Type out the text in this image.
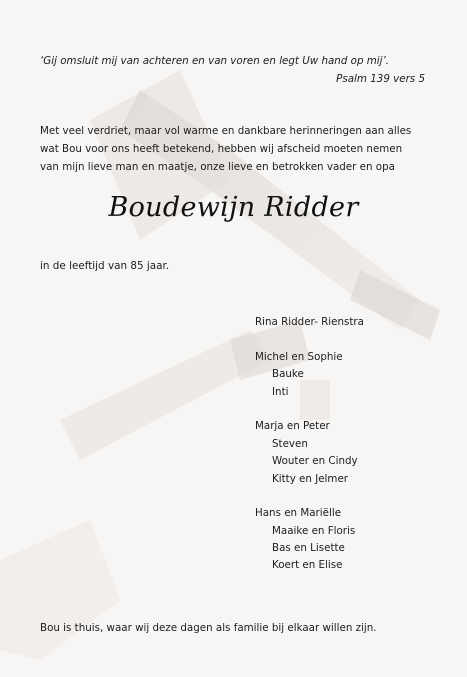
‘Gij omsluit mij van achteren en van voren en legt Uw hand op mij’.
Psalm 139 vers 5
Met veel verdriet, maar vol warme en dankbare herinneringen aan alles
wat Bou voor ons heeft betekend, hebben wij afscheid moeten nemen
van mijn lieve man en maatje, onze lieve en betrokken vader en opa
Boudewijn Ridder
in de leeftijd van 85 jaar.
Rina Ridder- Rienstra
Michel en Sophie
Bauke
Inti
Marja en Peter
Steven
Wouter en Cindy
Kitty en Jelmer
Hans en Mariëlle
Maaike en Floris
Bas en Lisette
Koert en Elise
Bou is thuis, waar wij deze dagen als familie bij elkaar willen zijn.
